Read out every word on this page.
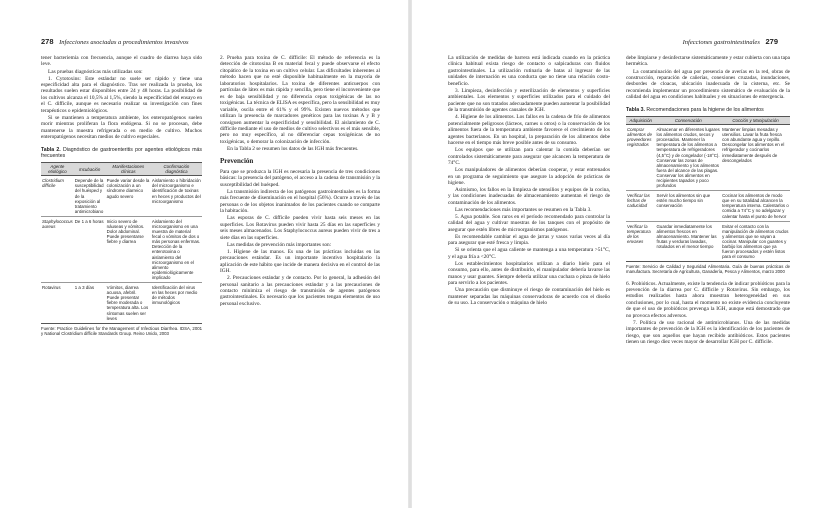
278 Infecciones asociadas a procedimientos invasivos

tener bacteriemia con frecuencia, aunque el cuadro de diarrea haya sido leve.

Las pruebas diagnósticas más utilizadas son:

1. Cytotoxins: Este estándar no suele ser rápido y tiene una especificidad alta para el diagnóstico. Tras ser realizada la prueba, los resultados suelen estar disponibles entre 24 y 48 horas. La posibilidad de los cultivos alcanza el 10,5% al 1,5%, siendo la especificidad del ensayo en el C. difficile, aunque es necesario realizar su investigación con fines terapéuticos o epidemiológicos.

Si se mantienen a temperatura ambiente, los enteropatógenos suelen morir mientras proliferan la flora endógena. Si no se procesan, debe mantenerse la muestra refrigerada o en medio de cultivo. Muchos enteropatógenos necesitan medios de cultivo especiales.

Tabla 2. Diagnóstico de gastroenteritis por agentes etiológicos más frecuentes
Agente etiológico	Incubación	Manifestaciones clínicas	Confirmación diagnóstica
Clostridium difficile	Depende de la susceptibilidad del huésped y de la exposición al tratamiento antimicrobiano	Puede variar desde la colonización a un síndrome diarreico agudo severo	Aislamiento o hibridación del microorganismo e identificación de toxinas en heces y productos del microorganismo
Staphylococcus aureus	De 1 a 6 horas	Inicio severo de náuseas y vómitos. Dolor abdominal. Puede presentarse fiebre y diarrea	Aislamiento del microorganismo en una muestra de material fecal o vómitos de dos o más personas enfermas. Detección de la enterotoxina o aislamiento del microorganismo en el alimento epidemiológicamente implicado
Rotavirus	1 a 3 días	Vómitos, diarrea acuosa, afebril. Puede presentar fiebre moderada o temperatura alta. Los síntomas suelen ser leves	Identificación del virus en las heces por medio de métodos inmunológicos
Fuente: Practice Guidelines for the Management of Infectious Diarrhea. IDSA, 2001 y National Clostridium difficile Standards Group. Reino Unido, 2003

2. Prueba para toxina de C. difficile: El método de referencia es la detección de citotoxina B en material fecal y puede observarse el efecto citopático de la toxina en un cultivo celular. Las dificultades inherentes al método hacen que no esté disponible habitualmente en la mayoría de laboratorios hospitalarios. La toxina de diferentes anticuerpos con partículas de látex es más rápida y sencilla, pero tiene el inconveniente que es de baja sensibilidad y no diferencia cepas toxigénicas de las no toxigénicas. La técnica de ELISA es específica, pero la sensibilidad es muy variable, oscila entre el 61% y el 99%. Existen nuevos métodos que utilizan la presencia de marcadores genéticos para las toxinas A y B y consiguen aumentar la especificidad y sensibilidad. El aislamiento de C. difficile mediante el uso de medios de cultivo selectivos es el más sensible, pero no muy específico, al no diferenciar cepas toxigénicas de no toxigénicas, o demorar la colonización de infección.

En la Tabla 2 se resumen los datos de las IGH más frecuentes.

Prevención

Para que se produzca la IGH es necesaria la presencia de tres condiciones básicas: la presencia del patógeno, el acceso a la cadena de transmisión y la susceptibilidad del huésped.

La transmisión indirecta de los patógenos gastrointestinales es la forma más frecuente de diseminación en el hospital (56%). Ocurre a través de las personas o de los objetos inanimados de los pacientes cuando se comparte la habitación.

Las esporas de C. difficile pueden vivir hasta seis meses en las superficies. Los Rotavirus pueden vivir hasta 25 días en las superficies y seis meses almacenados. Los Staphylococcus aureus pueden vivir de tres a siete días en las superficies.

Las medidas de prevención más importantes son:

1. Higiene de las manos. Es una de las prácticas incluidas en las precauciones estándar. Es un importante incentivo hospitalario la aplicación de este hábito que incide de manera decisiva en el control de las IGH.

2. Precauciones estándar y de contacto. Por lo general, la adhesión del personal sanitario a las precauciones estándar y a las precauciones de contacto minimiza el riesgo de transmisión de agentes patógenos gastrointestinales. Es necesario que los pacientes tengan elementos de uso personal exclusivo.

Infecciones gastrointestinales 279

La utilización de medidas de barrera está indicada cuando en la práctica clínica habitual exista riesgo de contacto o salpicaduras con fluidos gastrointestinales. La utilización rutinaria de batas al ingresar de las unidades de internación es una conducta que no tiene una relación costo-beneficio.

3. Limpieza, desinfección y esterilización de elementos y superficies ambientales. Los elementos y superficies utilizados para el cuidado del paciente que no son tratados adecuadamente pueden aumentar la posibilidad de la transmisión de agentes causales de IGH.

4. Higiene de los alimentos. Los fallos en la cadena de frío de alimentos potencialmente peligrosos (lácteos, carnes u otros) o la conservación de los alimentos fuera de la temperatura ambiente favorece el crecimiento de los agentes bacterianos. En un hospital, la preparación de los alimentos debe hacerse en el tiempo más breve posible antes de su consumo.

Los equipos que se utilizan para calentar la comida deberían ser controlados sistemáticamente para asegurar que alcancen la temperatura de 74°C.

Los manipuladores de alimentos deberían cooperar, y estar entrenados en un programa de seguimiento que asegure la adopción de prácticas de higiene.

Asimismo, los fallos en la limpieza de utensilios y equipos de la cocina, y las condiciones inadecuadas de almacenamiento aumentan el riesgo de contaminación de los alimentos.

Las recomendaciones más importantes se resumen en la Tabla 3.

5. Agua potable. Son raros en el período recomendado para controlar la calidad del agua y cultivar muestras de los tanques con el propósito de asegurar que estén libres de microorganismos patógenos.

Es recomendable cambiar el agua de jarras y vasos varias veces al día para asegurar que esté fresca y limpia.

Si se orienta que el agua caliente se mantenga a una temperatura >51°C, y el agua fría a <20°C.

Los establecimientos hospitalarios utilizan a diario hielo para el consumo, para ello, antes de distribuirlo, el manipulador debería lavarse las manos y usar guantes. Siempre debería utilizar una cuchara o pinza de hielo para servirlo a los pacientes.

Una precaución que disminuye el riesgo de contaminación del hielo es mantener separadas las máquinas conservadoras de acuerdo con el diseño de su uso. La conservación o máquina de hielo

debe limpiarse y desinfectarse sistemáticamente y estar cubierta con una tapa hermética.

La contaminación del agua por presencia de averías en la red, obras de construcción, reparación de cañerías, conexiones cruzadas, inundaciones, desbordes de cloacas, ubicación inadecuada de la cisterna, etc. Se recomienda implementar un procedimiento sistemático de evaluación de la calidad del agua en condiciones habituales y en situaciones de emergencia.

Tabla 3. Recomendaciones para la higiene de los alimentos
Adquisición	Conservación	Cocción y Manipulación
Comprar alimentos de proveedores registrados	Almacenar en diferentes lugares los alimentos crudos, secos y procesados. Mantener la temperatura de los alimentos a temperatura de refrigeradores (4,5°C) y de congelador (-18°C). Conservar las zonas de almacenamiento y los alimentos fuera del alcance de las plagas. Conservar los alimentos en recipientes tapados y poco profundos	Mantener limpias mesadas y utensilios. Lavar la fruta fresca con abundante agua y cepillo. Descongelar los alimentos en el refrigerador y cocinarlos inmediatamente después de descongelados
Verificar las fechas de caducidad	Servir los alimentos sin que estén mucho tiempo sin conservación	Cocinar los alimentos de modo que en su totalidad alcancen la temperatura interna. Calentarlos o comida a 74°C y no adelgazar y calentar hasta el punto de hervor
Verificar la temperatura de los envases	Guardar inmediatamente los alimentos frescos en almacenamiento. Mantener las frutas y verduras lavadas, rotulados en el menor tiempo	Evitar el contacto con la manipulación de alimentos crudos y alimentos que se vayan a cocinar. Manipular con guantes y barbijo los alimentos que ya fueron procesados y estén listos para el consumo
Fuente: Servicio de Calidad y Seguridad Alimentaria. Guía de buenas prácticas de manufactura. Secretaría de Agricultura, Ganadería, Pesca y Alimentos, marzo 2000

6. Probióticos. Actualmente, existe la tendencia de indicar probióticos para la prevención de la diarrea por C. difficile y Rotavirus. Sin embargo, los estudios realizados hasta ahora muestran heterogeneidad en sus conclusiones, por lo cual, hasta el momento no existe evidencia concluyente de que el uso de probióticos prevenga la IGH, aunque está demostrado que no provoca efectos adversos.

7. Política de uso racional de antimicrobianos. Una de las medidas importantes de prevención de la IGH es la identificación de los pacientes de riesgo, que son aquellos que hayan recibido antibióticos. Estos pacientes tienen un riesgo diez veces mayor de desarrollar IGH por C. difficile.
